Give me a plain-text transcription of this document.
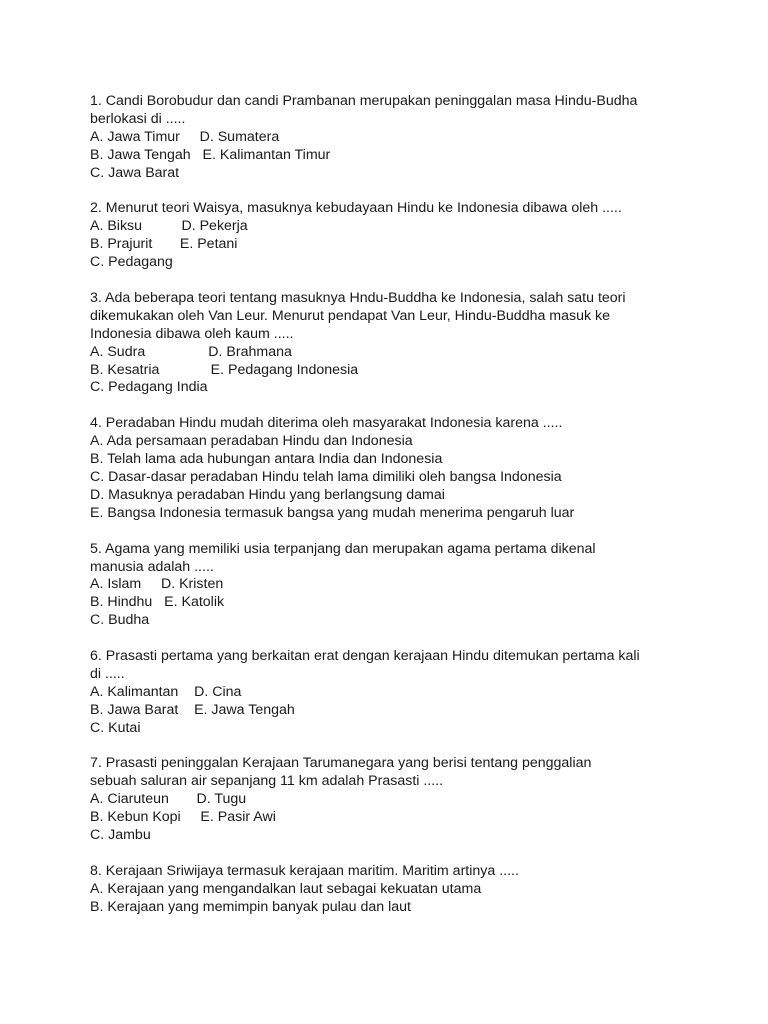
1. Candi Borobudur dan candi Prambanan merupakan peninggalan masa Hindu-Budha
berlokasi di .....
A. Jawa Timur     D. Sumatera
B. Jawa Tengah   E. Kalimantan Timur
C. Jawa Barat
2. Menurut teori Waisya, masuknya kebudayaan Hindu ke Indonesia dibawa oleh .....
A. Biksu          D. Pekerja
B. Prajurit       E. Petani
C. Pedagang
3. Ada beberapa teori tentang masuknya Hndu-Buddha ke Indonesia, salah satu teori
dikemukakan oleh Van Leur. Menurut pendapat Van Leur, Hindu-Buddha masuk ke
Indonesia dibawa oleh kaum .....
A. Sudra                D. Brahmana
B. Kesatria             E. Pedagang Indonesia
C. Pedagang India
4. Peradaban Hindu mudah diterima oleh masyarakat Indonesia karena .....
A. Ada persamaan peradaban Hindu dan Indonesia
B. Telah lama ada hubungan antara India dan Indonesia
C. Dasar-dasar peradaban Hindu telah lama dimiliki oleh bangsa Indonesia
D. Masuknya peradaban Hindu yang berlangsung damai
E. Bangsa Indonesia termasuk bangsa yang mudah menerima pengaruh luar
5. Agama yang memiliki usia terpanjang dan merupakan agama pertama dikenal
manusia adalah .....
A. Islam     D. Kristen
B. Hindhu   E. Katolik
C. Budha
6. Prasasti pertama yang berkaitan erat dengan kerajaan Hindu ditemukan pertama kali
di .....
A. Kalimantan    D. Cina
B. Jawa Barat    E. Jawa Tengah
C. Kutai
7. Prasasti peninggalan Kerajaan Tarumanegara yang berisi tentang penggalian
sebuah saluran air sepanjang 11 km adalah Prasasti .....
A. Ciaruteun       D. Tugu
B. Kebun Kopi     E. Pasir Awi
C. Jambu
8. Kerajaan Sriwijaya termasuk kerajaan maritim. Maritim artinya .....
A. Kerajaan yang mengandalkan laut sebagai kekuatan utama
B. Kerajaan yang memimpin banyak pulau dan laut
